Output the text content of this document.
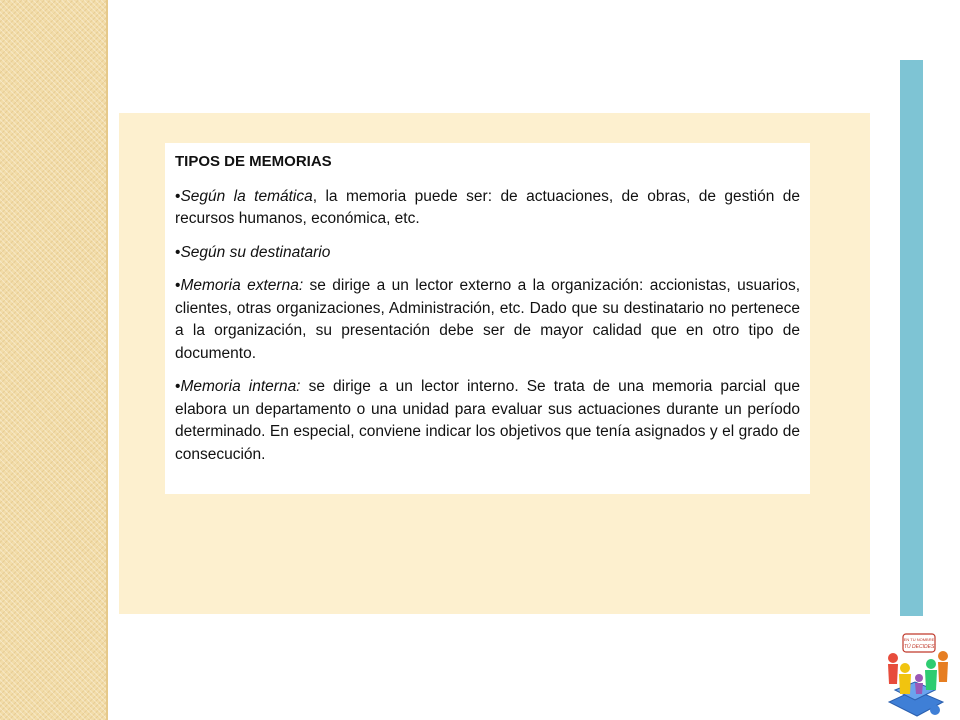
TIPOS DE MEMORIAS

•Según la temática, la memoria puede ser: de actuaciones, de obras, de gestión de recursos humanos, económica, etc.

•Según su destinatario

•Memoria externa: se dirige a un lector externo a la organización: accionistas, usuarios, clientes, otras organizaciones, Administración, etc. Dado que su destinatario no pertenece a la organización, su presentación debe ser de mayor calidad que en otro tipo de documento.

•Memoria interna: se dirige a un lector interno. Se trata de una memoria parcial que elabora un departamento o una unidad para evaluar sus actuaciones durante un período determinado. En especial, conviene indicar los objetivos que tenía asignados y el grado de consecución.

EN TU NOMBRE
¡TÚ DECIDES!
